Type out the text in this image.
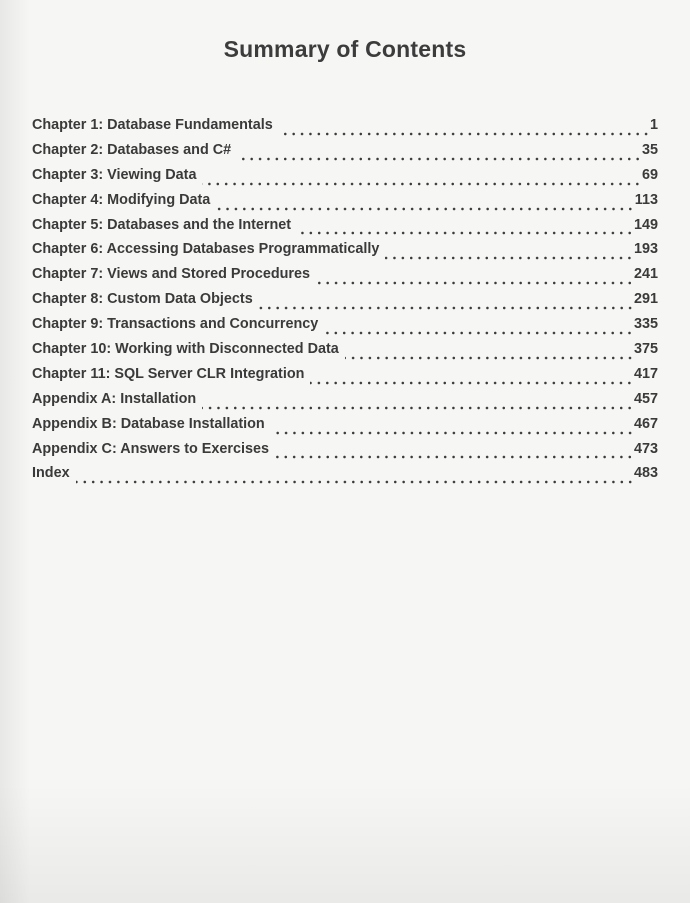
Summary of Contents
Chapter 1: Database Fundamentals	1
Chapter 2: Databases and C#	35
Chapter 3: Viewing Data	69
Chapter 4: Modifying Data	113
Chapter 5: Databases and the Internet	149
Chapter 6: Accessing Databases Programmatically	193
Chapter 7: Views and Stored Procedures	241
Chapter 8: Custom Data Objects	291
Chapter 9: Transactions and Concurrency	335
Chapter 10: Working with Disconnected Data	375
Chapter 11: SQL Server CLR Integration	417
Appendix A: Installation	457
Appendix B: Database Installation	467
Appendix C: Answers to Exercises	473
Index	483
